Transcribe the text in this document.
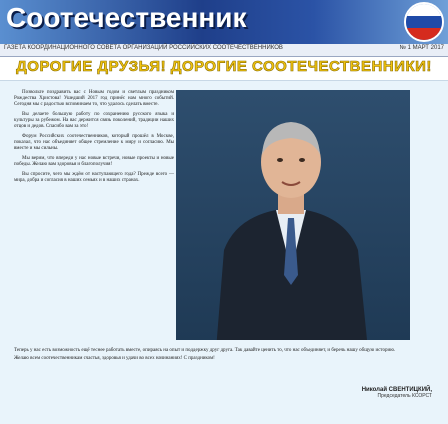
Соотечественник
ГАЗЕТА КООРДИНАЦИОННОГО СОВЕТА ОРГАНИЗАЦИЙ РОССИЙСКИХ СООТЕЧЕСТВЕННИКОВ	№ 1 МАРТ 2017
ДОРОГИЕ ДРУЗЬЯ! ДОРОГИЕ СООТЕЧЕСТВЕННИКИ!

Позвольте поздравить вас с Новым годом и светлым праздником Рождества Христова! Ушедший 2017 год принёс нам много событий. Сегодня мы с радостью вспоминаем то, что удалось сделать вместе.

Вы делаете большую работу по сохранению русского языка и культуры за рубежом. На вас держится связь поколений, традиции наших отцов и дедов. Спасибо вам за это!

Форум Российских соотечественников, который прошёл в Москве, показал, что нас объединяет общее стремление к миру и согласию. Мы вместе и мы сильны.

Мы верим, что впереди у нас новые встречи, новые проекты и новые победы. Желаю вам здоровья и благополучия!

Вы спросите, чего мы ждём от наступающего года? Прежде всего — мира, добра и согласия в наших семьях и в наших странах.

Теперь у нас есть возможность ещё теснее работать вместе, опираясь на опыт и поддержку друг друга. Так давайте ценить то, что нас объединяет, и беречь нашу общую историю.

Желаю всем соотечественникам счастья, здоровья и удачи во всех начинаниях! С праздником!

Николай СВЕНТИЦКИЙ,
Председатель КСОРСТ
